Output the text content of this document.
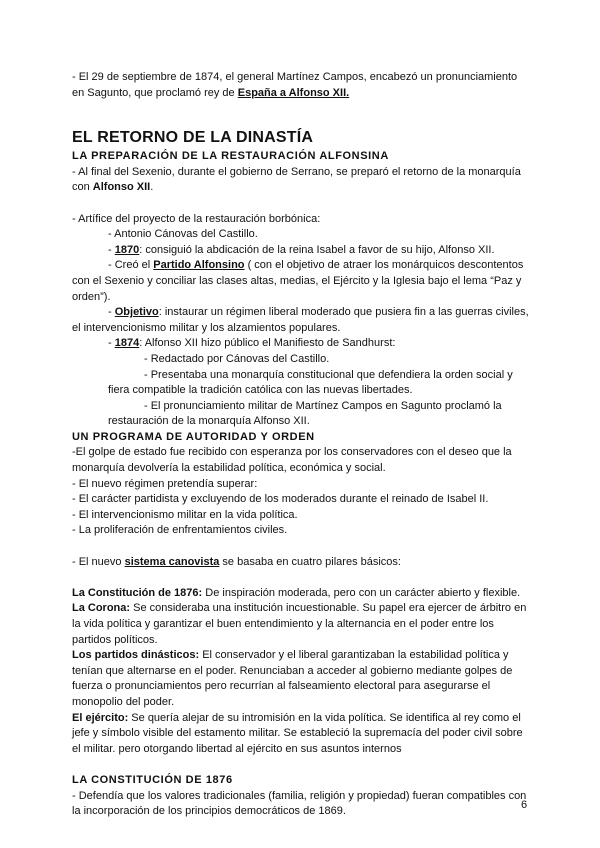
- El 29 de septiembre de 1874, el general Martínez Campos, encabezó un pronunciamiento en Sagunto, que proclamó rey de España a Alfonso XII.

EL RETORNO DE LA DINASTÍA

LA PREPARACIÓN DE LA RESTAURACIÓN ALFONSINA

- Al final del Sexenio, durante el gobierno de Serrano, se preparó el retorno de la monarquía con Alfonso XII.

- Artífice del proyecto de la restauración borbónica:

- Antonio Cánovas del Castillo.

- 1870: consiguió la abdicación de la reina Isabel a favor de su hijo, Alfonso XII.

- Creó el Partido Alfonsino ( con el objetivo de atraer los monárquicos descontentos con el Sexenio y conciliar las clases altas, medias, el Ejército y la Iglesia bajo el lema “Paz y orden”).

- Objetivo: instaurar un régimen liberal moderado que pusiera fin a las guerras civiles, el intervencionismo militar y los alzamientos populares.

- 1874: Alfonso XII hizo público el Manifiesto de Sandhurst:

- Redactado por Cánovas del Castillo.

- Presentaba una monarquía constitucional que defendiera la orden social y fiera compatible la tradición católica con las nuevas libertades.

- El pronunciamiento militar de Martínez Campos en Sagunto proclamó la restauración de la monarquía Alfonso XII.

UN PROGRAMA DE AUTORIDAD Y ORDEN

-El golpe de estado fue recibido con esperanza por los conservadores con el deseo que la monarquía devolvería la estabilidad política, económica y social.

- El nuevo régimen pretendía superar:

- El carácter partidista y excluyendo de los moderados durante el reinado de Isabel II.

- El intervencionismo militar en la vida política.

- La proliferación de enfrentamientos civiles.

- El nuevo sistema canovista se basaba en cuatro pilares básicos:

La Constitución de 1876: De inspiración moderada, pero con un carácter abierto y flexible.

La Corona: Se consideraba una institución incuestionable. Su papel era ejercer de árbitro en la vida política y garantizar el buen entendimiento y la alternancia en el poder entre los partidos políticos.

Los partidos dinásticos: El conservador y el liberal garantizaban la estabilidad política y tenían que alternarse en el poder. Renunciaban a acceder al gobierno mediante golpes de fuerza o pronunciamientos pero recurrían al falseamiento electoral para asegurarse el monopolio del poder.

El ejército: Se quería alejar de su intromisión en la vida política. Se identifica al rey como el jefe y símbolo visible del estamento militar. Se estableció la supremacía del poder civil sobre el militar. pero otorgando libertad al ejército en sus asuntos internos

LA CONSTITUCIÓN DE 1876

- Defendía que los valores tradicionales (familia, religión y propiedad) fueran compatibles con la incorporación de los principios democráticos de 1869.

6
